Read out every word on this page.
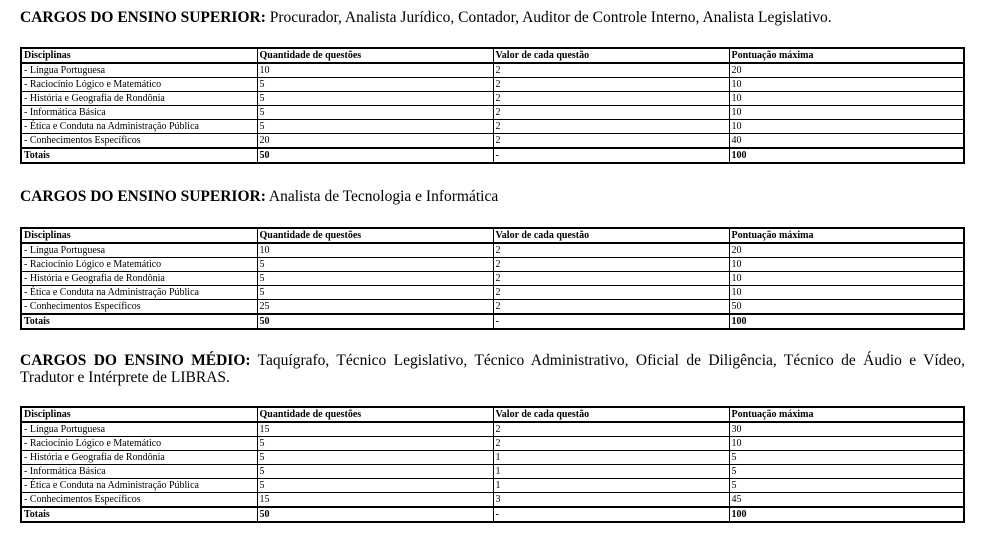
CARGOS DO ENSINO SUPERIOR: Procurador, Analista Jurídico, Contador, Auditor de Controle Interno, Analista Legislativo.
Disciplinas	Quantidade de questões	Valor de cada questão	Pontuação máxima
- Língua Portuguesa	10	2	20
- Raciocínio Lógico e Matemático	5	2	10
- História e Geografia de Rondônia	5	2	10
- Informática Básica	5	2	10
- Ética e Conduta na Administração Pública	5	2	10
- Conhecimentos Específicos	20	2	40
Totais	50	-	100
CARGOS DO ENSINO SUPERIOR: Analista de Tecnologia e Informática
Disciplinas	Quantidade de questões	Valor de cada questão	Pontuação máxima
- Língua Portuguesa	10	2	20
- Raciocínio Lógico e Matemático	5	2	10
- História e Geografia de Rondônia	5	2	10
- Ética e Conduta na Administração Pública	5	2	10
- Conhecimentos Específicos	25	2	50
Totais	50	-	100
CARGOS DO ENSINO MÉDIO: Taquígrafo, Técnico Legislativo, Técnico Administrativo, Oficial de Diligência, Técnico de Áudio e Vídeo, Tradutor e Intérprete de LIBRAS.
Disciplinas	Quantidade de questões	Valor de cada questão	Pontuação máxima
- Língua Portuguesa	15	2	30
- Raciocínio Lógico e Matemático	5	2	10
- História e Geografia de Rondônia	5	1	5
- Informática Básica	5	1	5
- Ética e Conduta na Administração Pública	5	1	5
- Conhecimentos Específicos	15	3	45
Totais	50	-	100
